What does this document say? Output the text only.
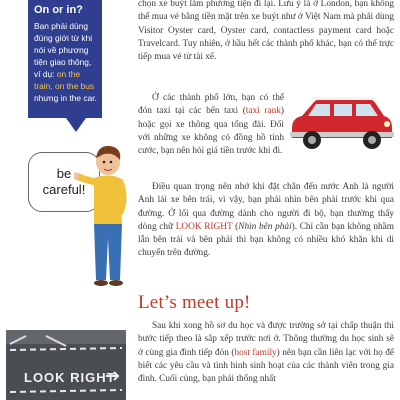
On or in?

Bạn phải dùng đúng giới từ khi nói về phương tiện giao thông, ví dụ: on the train, on the bus nhưng in the car.

be
careful!
LOOK RIGHT

chọn xe buýt làm phương tiện đi lại. Lưu ý là ở London, bạn không thể mua vé bằng tiền mặt trên xe buýt như ở Việt Nam mà phải dùng Visitor Oyster card, Oyster card, contactless payment card hoặc Travelcard. Tuy nhiên, ở hầu hết các thành phố khác, bạn có thể trực tiếp mua vé từ tài xế.

Ở các thành phố lớn, bạn có thể đón taxi tại các bến taxi (taxi rank) hoặc gọi xe thông qua tổng đài. Đối với những xe không có đồng hồ tính cước, bạn nên hỏi giá tiền trước khi đi.

Điều quan trọng nên nhớ khi đặt chân đến nước Anh là người Anh lái xe bên trái, vì vậy, bạn phải nhìn bên phải trước khi qua đường. Ở lối qua đường dành cho người đi bộ, bạn thường thấy dòng chữ LOOK RIGHT (Nhìn bên phải). Chỉ cần bạn không nhầm lẫn bên trái và bên phải thì bạn không có nhiều khó khăn khi di chuyển trên đường.

Let’s meet up!

Sau khi xong hồ sơ du học và được trường sở tại chấp thuận thì bước tiếp theo là sắp xếp trước nơi ở. Thông thường du học sinh sẽ ở cùng gia đình tiếp đón (host family) nên bạn cần liên lạc với họ để biết các yêu cầu và tình hình sinh hoạt của các thành viên trong gia đình. Cuối cùng, bạn phải thống nhất
